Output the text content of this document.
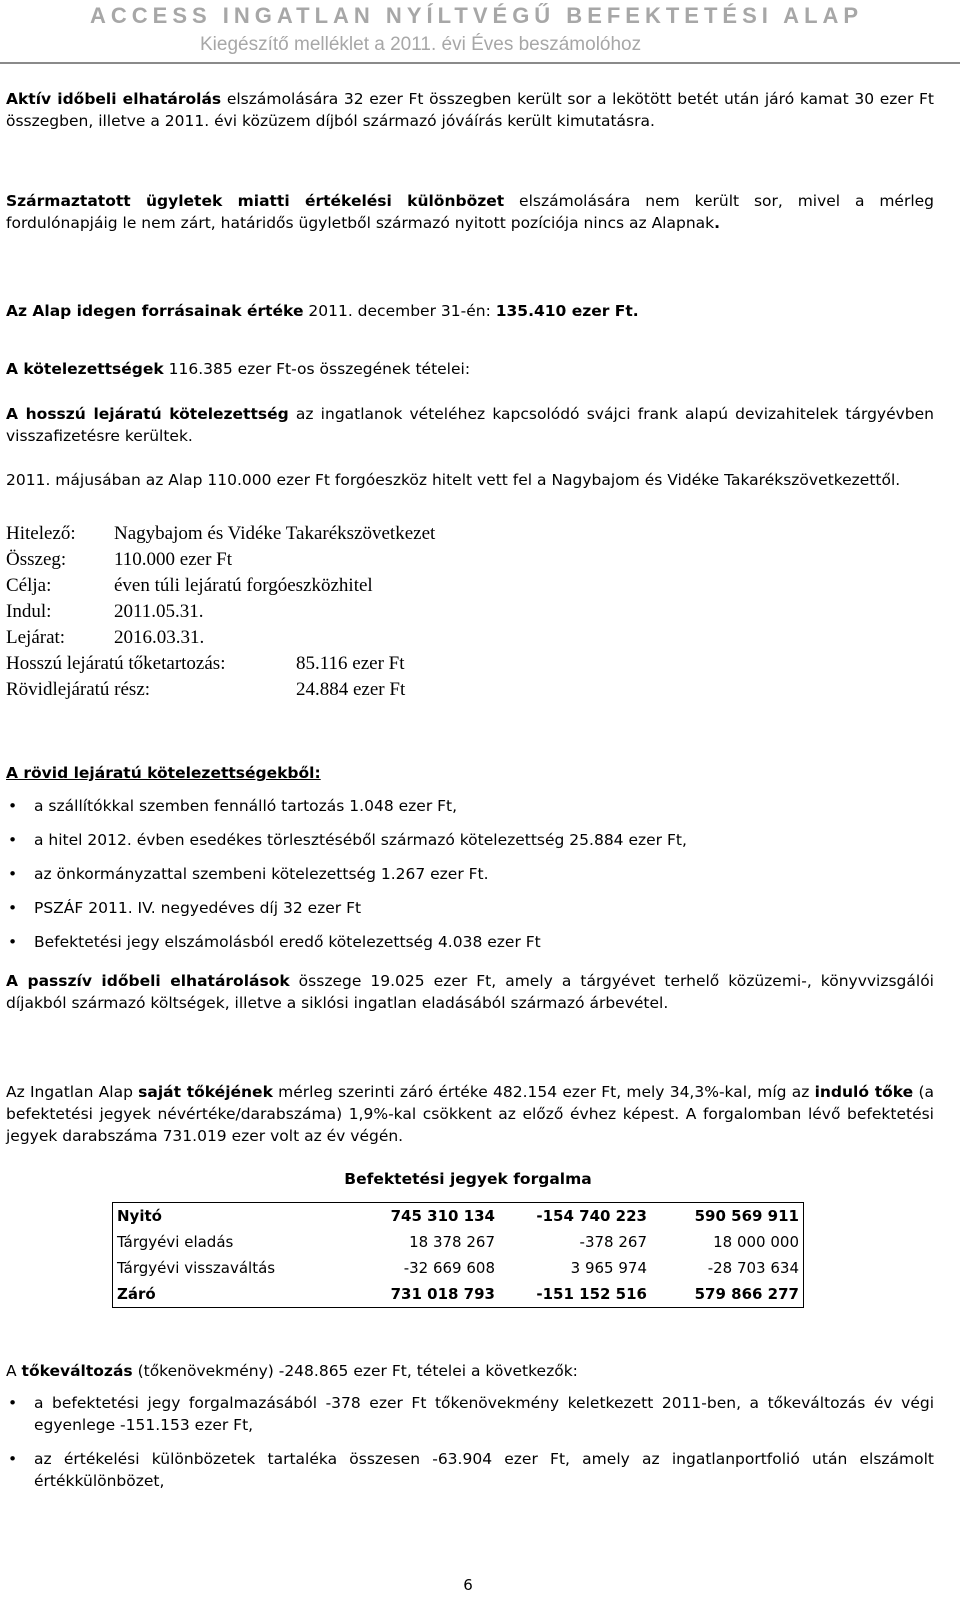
ACCESS INGATLAN NYÍLTVÉGŰ BEFEKTETÉSI ALAP
Kiegészítő melléklet a 2011. évi Éves beszámolóhoz
Aktív időbeli elhatárolás elszámolására 32 ezer Ft összegben került sor a lekötött betét után járó kamat 30 ezer Ft összegben, illetve a 2011. évi közüzem díjból származó jóváírás került kimutatásra.
Származtatott ügyletek miatti értékelési különbözet elszámolására nem került sor, mivel a mérleg fordulónapjáig le nem zárt, határidős ügyletből származó nyitott pozíciója nincs az Alapnak.
Az Alap idegen forrásainak értéke 2011. december 31-én: 135.410 ezer Ft.
A kötelezettségek 116.385 ezer Ft-os összegének tételei:
A hosszú lejáratú kötelezettség az ingatlanok vételéhez kapcsolódó svájci frank alapú devizahitelek tárgyévben visszafizetésre kerültek.
2011. májusában az Alap 110.000 ezer Ft forgóeszköz hitelt vett fel a Nagybajom és Vidéke Takarékszövetkezettől.
Hitelező: Nagybajom és Vidéke Takarékszövetkezet
Összeg:	110.000 ezer Ft
Célja:	éven túli lejáratú forgóeszközhitel
Indul:	2011.05.31.
Lejárat:	2016.03.31.
Hosszú lejáratú tőketartozás:	85.116 ezer Ft
Rövidlejáratú rész:	24.884 ezer Ft
A rövid lejáratú kötelezettségekből:
• a szállítókkal szemben fennálló tartozás 1.048 ezer Ft,
• a hitel 2012. évben esedékes törlesztéséből származó kötelezettség 25.884 ezer Ft,
• az önkormányzattal szembeni kötelezettség 1.267 ezer Ft.
• PSZÁF 2011. IV. negyedéves díj 32 ezer Ft
• Befektetési jegy elszámolásból eredő kötelezettség 4.038 ezer Ft
A passzív időbeli elhatárolások összege 19.025 ezer Ft, amely a tárgyévet terhelő közüzemi-, könyvvizsgálói díjakból származó költségek, illetve a siklósi ingatlan eladásából származó árbevétel.
Az Ingatlan Alap saját tőkéjének mérleg szerinti záró értéke 482.154 ezer Ft, mely 34,3%-kal, míg az induló tőke (a befektetési jegyek névértéke/darabszáma) 1,9%-kal csökkent az előző évhez képest. A forgalomban lévő befektetési jegyek darabszáma 731.019 ezer volt az év végén.
Befektetési jegyek forgalma
Nyitó	745 310 134	-154 740 223	590 569 911
Tárgyévi eladás	18 378 267	-378 267	18 000 000
Tárgyévi visszaváltás	-32 669 608	3 965 974	-28 703 634
Záró	731 018 793	-151 152 516	579 866 277
A tőkeváltozás (tőkenövekmény) -248.865 ezer Ft, tételei a következők:
• a befektetési jegy forgalmazásából -378 ezer Ft tőkenövekmény keletkezett 2011-ben, a tőkeváltozás év végi egyenlege -151.153 ezer Ft,
• az értékelési különbözetek tartaléka összesen -63.904 ezer Ft, amely az ingatlanportfolió után elszámolt értékkülönbözet,
6
